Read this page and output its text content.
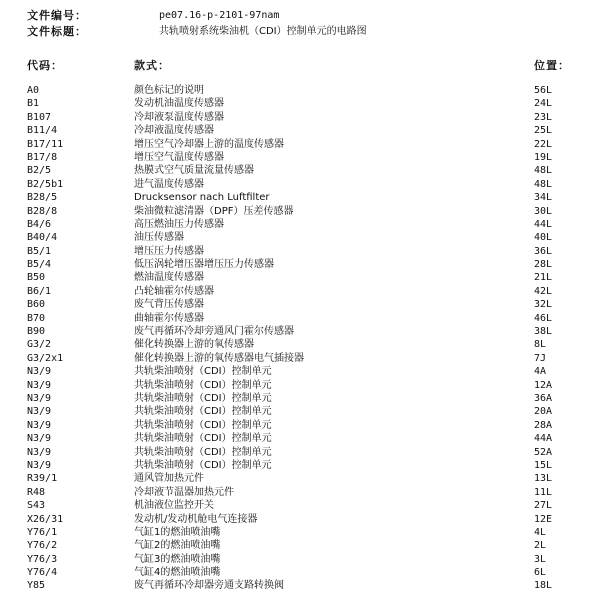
文件编号：	pe07.16-p-2101-97nam
文件标题：	共轨喷射系统柴油机（CDI）控制单元的电路图
代码：	款式：	位置：
A0	颜色标记的说明	56L
B1	发动机油温度传感器	24L
B107	冷却液泵温度传感器	23L
B11/4	冷却液温度传感器	25L
B17/11	增压空气冷却器上游的温度传感器	22L
B17/8	增压空气温度传感器	19L
B2/5	热膜式空气质量流量传感器	48L
B2/5b1	进气温度传感器	48L
B28/5	Drucksensor nach Luftfilter	34L
B28/8	柴油微粒滤清器（DPF）压差传感器	30L
B4/6	高压燃油压力传感器	44L
B40/4	油压传感器	40L
B5/1	增压压力传感器	36L
B5/4	低压涡轮增压器增压压力传感器	28L
B50	燃油温度传感器	21L
B6/1	凸轮轴霍尔传感器	42L
B60	废气背压传感器	32L
B70	曲轴霍尔传感器	46L
B90	废气再循环冷却旁通风门霍尔传感器	38L
G3/2	催化转换器上游的氧传感器	8L
G3/2x1	催化转换器上游的氧传感器电气插接器	7J
N3/9	共轨柴油喷射（CDI）控制单元	4A
N3/9	共轨柴油喷射（CDI）控制单元	12A
N3/9	共轨柴油喷射（CDI）控制单元	36A
N3/9	共轨柴油喷射（CDI）控制单元	20A
N3/9	共轨柴油喷射（CDI）控制单元	28A
N3/9	共轨柴油喷射（CDI）控制单元	44A
N3/9	共轨柴油喷射（CDI）控制单元	52A
N3/9	共轨柴油喷射（CDI）控制单元	15L
R39/1	通风管加热元件	13L
R48	冷却液节温器加热元件	11L
S43	机油液位监控开关	27L
X26/31	发动机/发动机舱电气连接器	12E
Y76/1	气缸1的燃油喷油嘴	4L
Y76/2	气缸2的燃油喷油嘴	2L
Y76/3	气缸3的燃油喷油嘴	3L
Y76/4	气缸4的燃油喷油嘴	6L
Y85	废气再循环冷却器旁通支路转换阀	18L
